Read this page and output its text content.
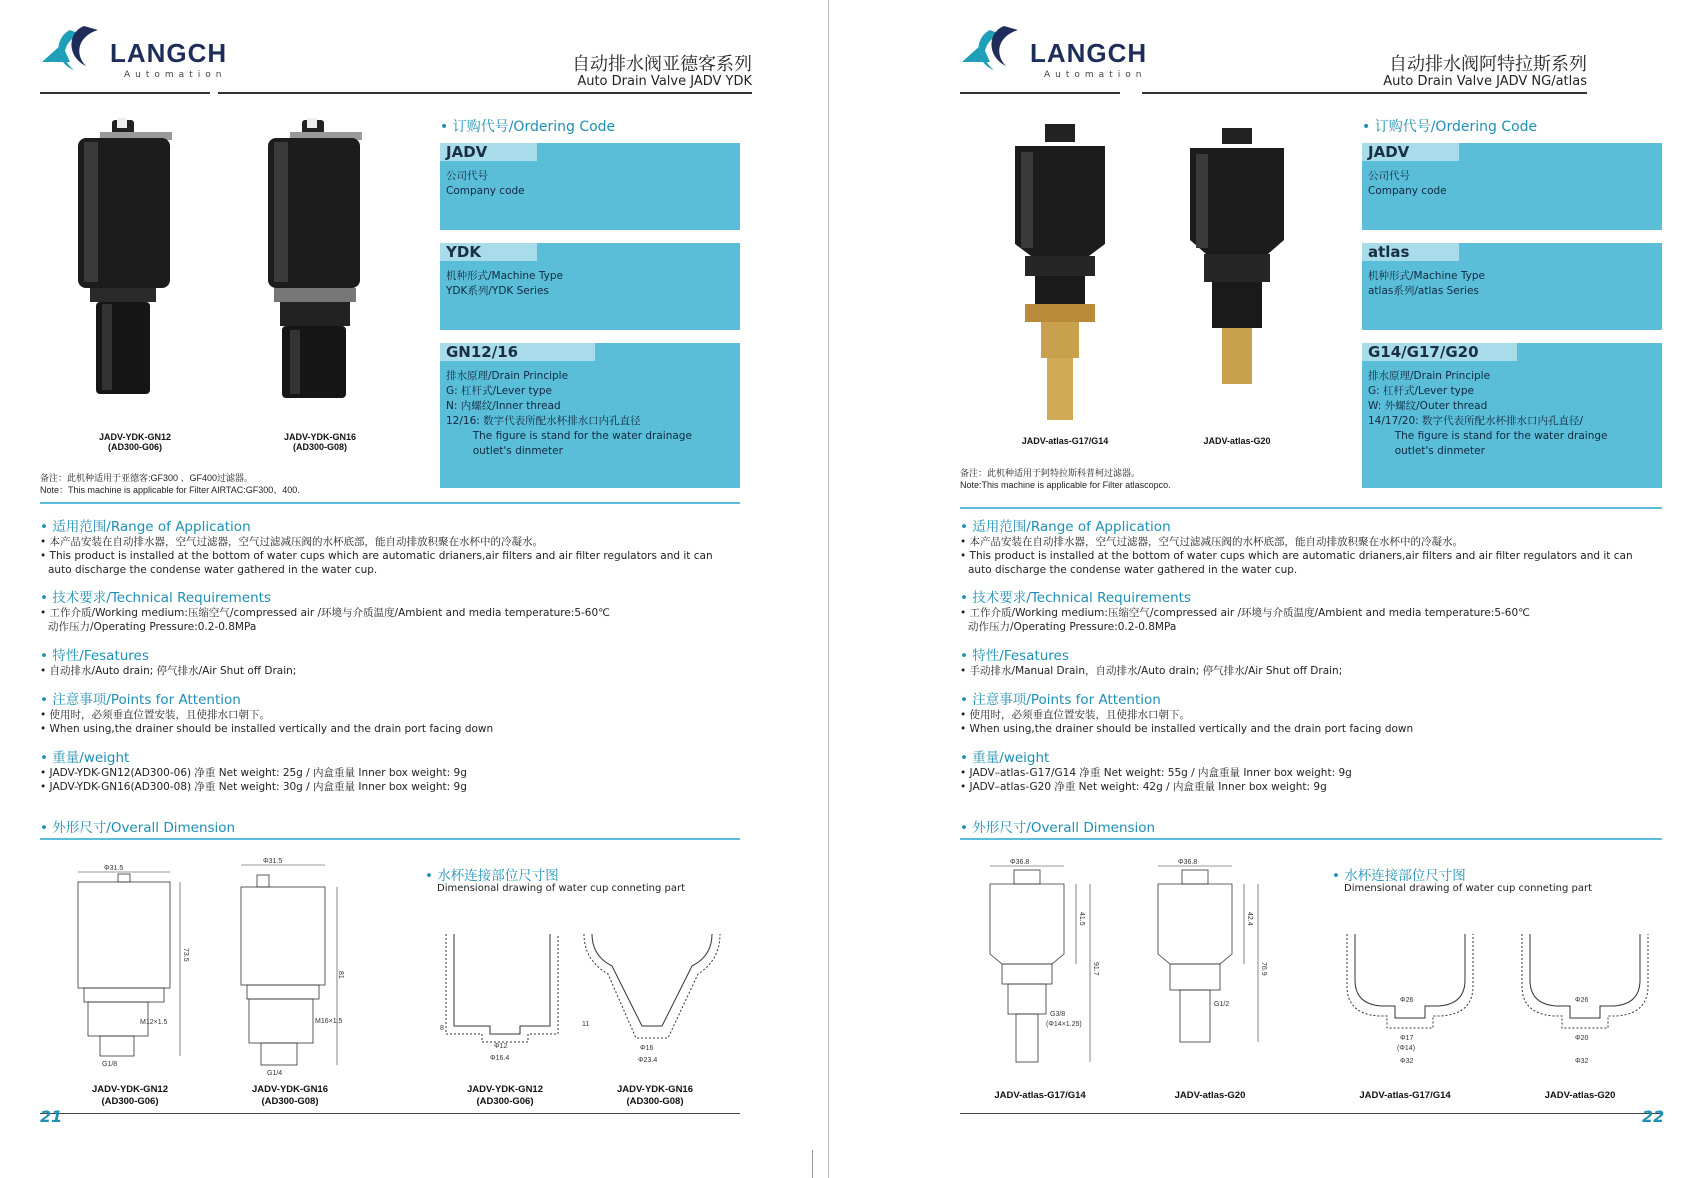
LANGCH
Automation	自动排水阀亚德客系列
Auto Drain Valve JADV YDK
JADV-YDK-GN12
(AD300-G06)
JADV-YDK-GN16
(AD300-G08)
备注：此机种适用于亚德客:GF300 、GF400过滤器。
Note：This machine is applicable for Filter AIRTAC:GF300、400.
• 订购代号/Ordering Code
JADV
公司代号
Company code
YDK
机种形式/Machine Type
YDK系列/YDK Series
GN12/16
排水原理/Drain Principle
G: 杠杆式/Lever type
N: 内螺纹/Inner thread
12/16: 数字代表所配水杯排水口内孔直径
The figure is stand for the water drainage
outlet's dinmeter
• 适用范围/Range of Application
• 本产品安装在自动排水器，空气过滤器，空气过滤减压阀的水杯底部，能自动排放积聚在水杯中的冷凝水。
• This product is installed at the bottom of water cups which are automatic drianers,air filters and air filter regulators and it can
auto discharge the condense water gathered in the water cup.
• 技术要求/Technical Requirements
• 工作介质/Working medium:压缩空气/compressed air /环境与介质温度/Ambient and media temperature:5-60℃
动作压力/Operating Pressure:0.2-0.8MPa
• 特性/Fesatures
• 自动排水/Auto drain; 停气排水/Air Shut off Drain;
• 注意事项/Points for Attention
• 使用时，必须垂直位置安装，且使排水口朝下。
• When using,the drainer should be installed vertically and the drain port facing down
• 重量/weight
• JADV-YDK-GN12(AD300-06) 净重 Net weight: 25g / 内盒重量 Inner box weight: 9g
• JADV-YDK-GN16(AD300-08) 净重 Net weight: 30g / 内盒重量 Inner box weight: 9g
• 外形尺寸/Overall Dimension
• 水杯连接部位尺寸图
Dimensional drawing of water cup conneting part
Φ31.5
73.5
M12×1.5
G1/8
Φ31.5
81
M16×1.5
G1/4
Φ12
Φ16.4
8
Φ16
Φ23.4
11
JADV-YDK-GN12
(AD300-G06)
JADV-YDK-GN16
(AD300-G08)
JADV-YDK-GN12
(AD300-G06)
JADV-YDK-GN16
(AD300-G08)
21
LANGCH
Automation	自动排水阀阿特拉斯系列
Auto Drain Valve JADV NG/atlas
JADV-atlas-G17/G14	JADV-atlas-G20
备注：此机种适用于阿特拉斯科普柯过滤器。
Note:This machine is applicable for Filter atlascopco.
• 订购代号/Ordering Code
JADV
公司代号
Company code
atlas
机种形式/Machine Type
atlas系列/atlas Series
G14/G17/G20
排水原理/Drain Principle
G: 杠杆式/Lever type
W: 外螺纹/Outer thread
14/17/20: 数字代表所配水杯排水口内孔直径/
The figure is stand for the water drainge
outlet's dinmeter
• 适用范围/Range of Application
• 本产品安装在自动排水器，空气过滤器，空气过滤减压阀的水杯底部，能自动排放积聚在水杯中的冷凝水。
• This product is installed at the bottom of water cups which are automatic drianers,air filters and air filter regulators and it can
auto discharge the condense water gathered in the water cup.
• 技术要求/Technical Requirements
• 工作介质/Working medium:压缩空气/compressed air /环境与介质温度/Ambient and media temperature:5-60℃
动作压力/Operating Pressure:0.2-0.8MPa
• 特性/Fesatures
• 手动排水/Manual Drain，自动排水/Auto drain; 停气排水/Air Shut off Drain;
• 注意事项/Points for Attention
• 使用时，必须垂直位置安装，且使排水口朝下。
• When using,the drainer should be installed vertically and the drain port facing down
• 重量/weight
• JADV–atlas-G17/G14 净重 Net weight: 55g / 内盒重量 Inner box weight: 9g
• JADV–atlas-G20 净重 Net weight: 42g / 内盒重量 Inner box weight: 9g
• 外形尺寸/Overall Dimension
• 水杯连接部位尺寸图
Dimensional drawing of water cup conneting part
Φ36.8
41.5
91.7
G3/8
(Φ14×1.25)
Φ36.8
42.4
76.9
G1/2
Φ26
Φ17
(Φ14)
Φ32
Φ26
Φ20
Φ32
JADV-atlas-G17/G14	JADV-atlas-G20	JADV-atlas-G17/G14	JADV-atlas-G20
22
